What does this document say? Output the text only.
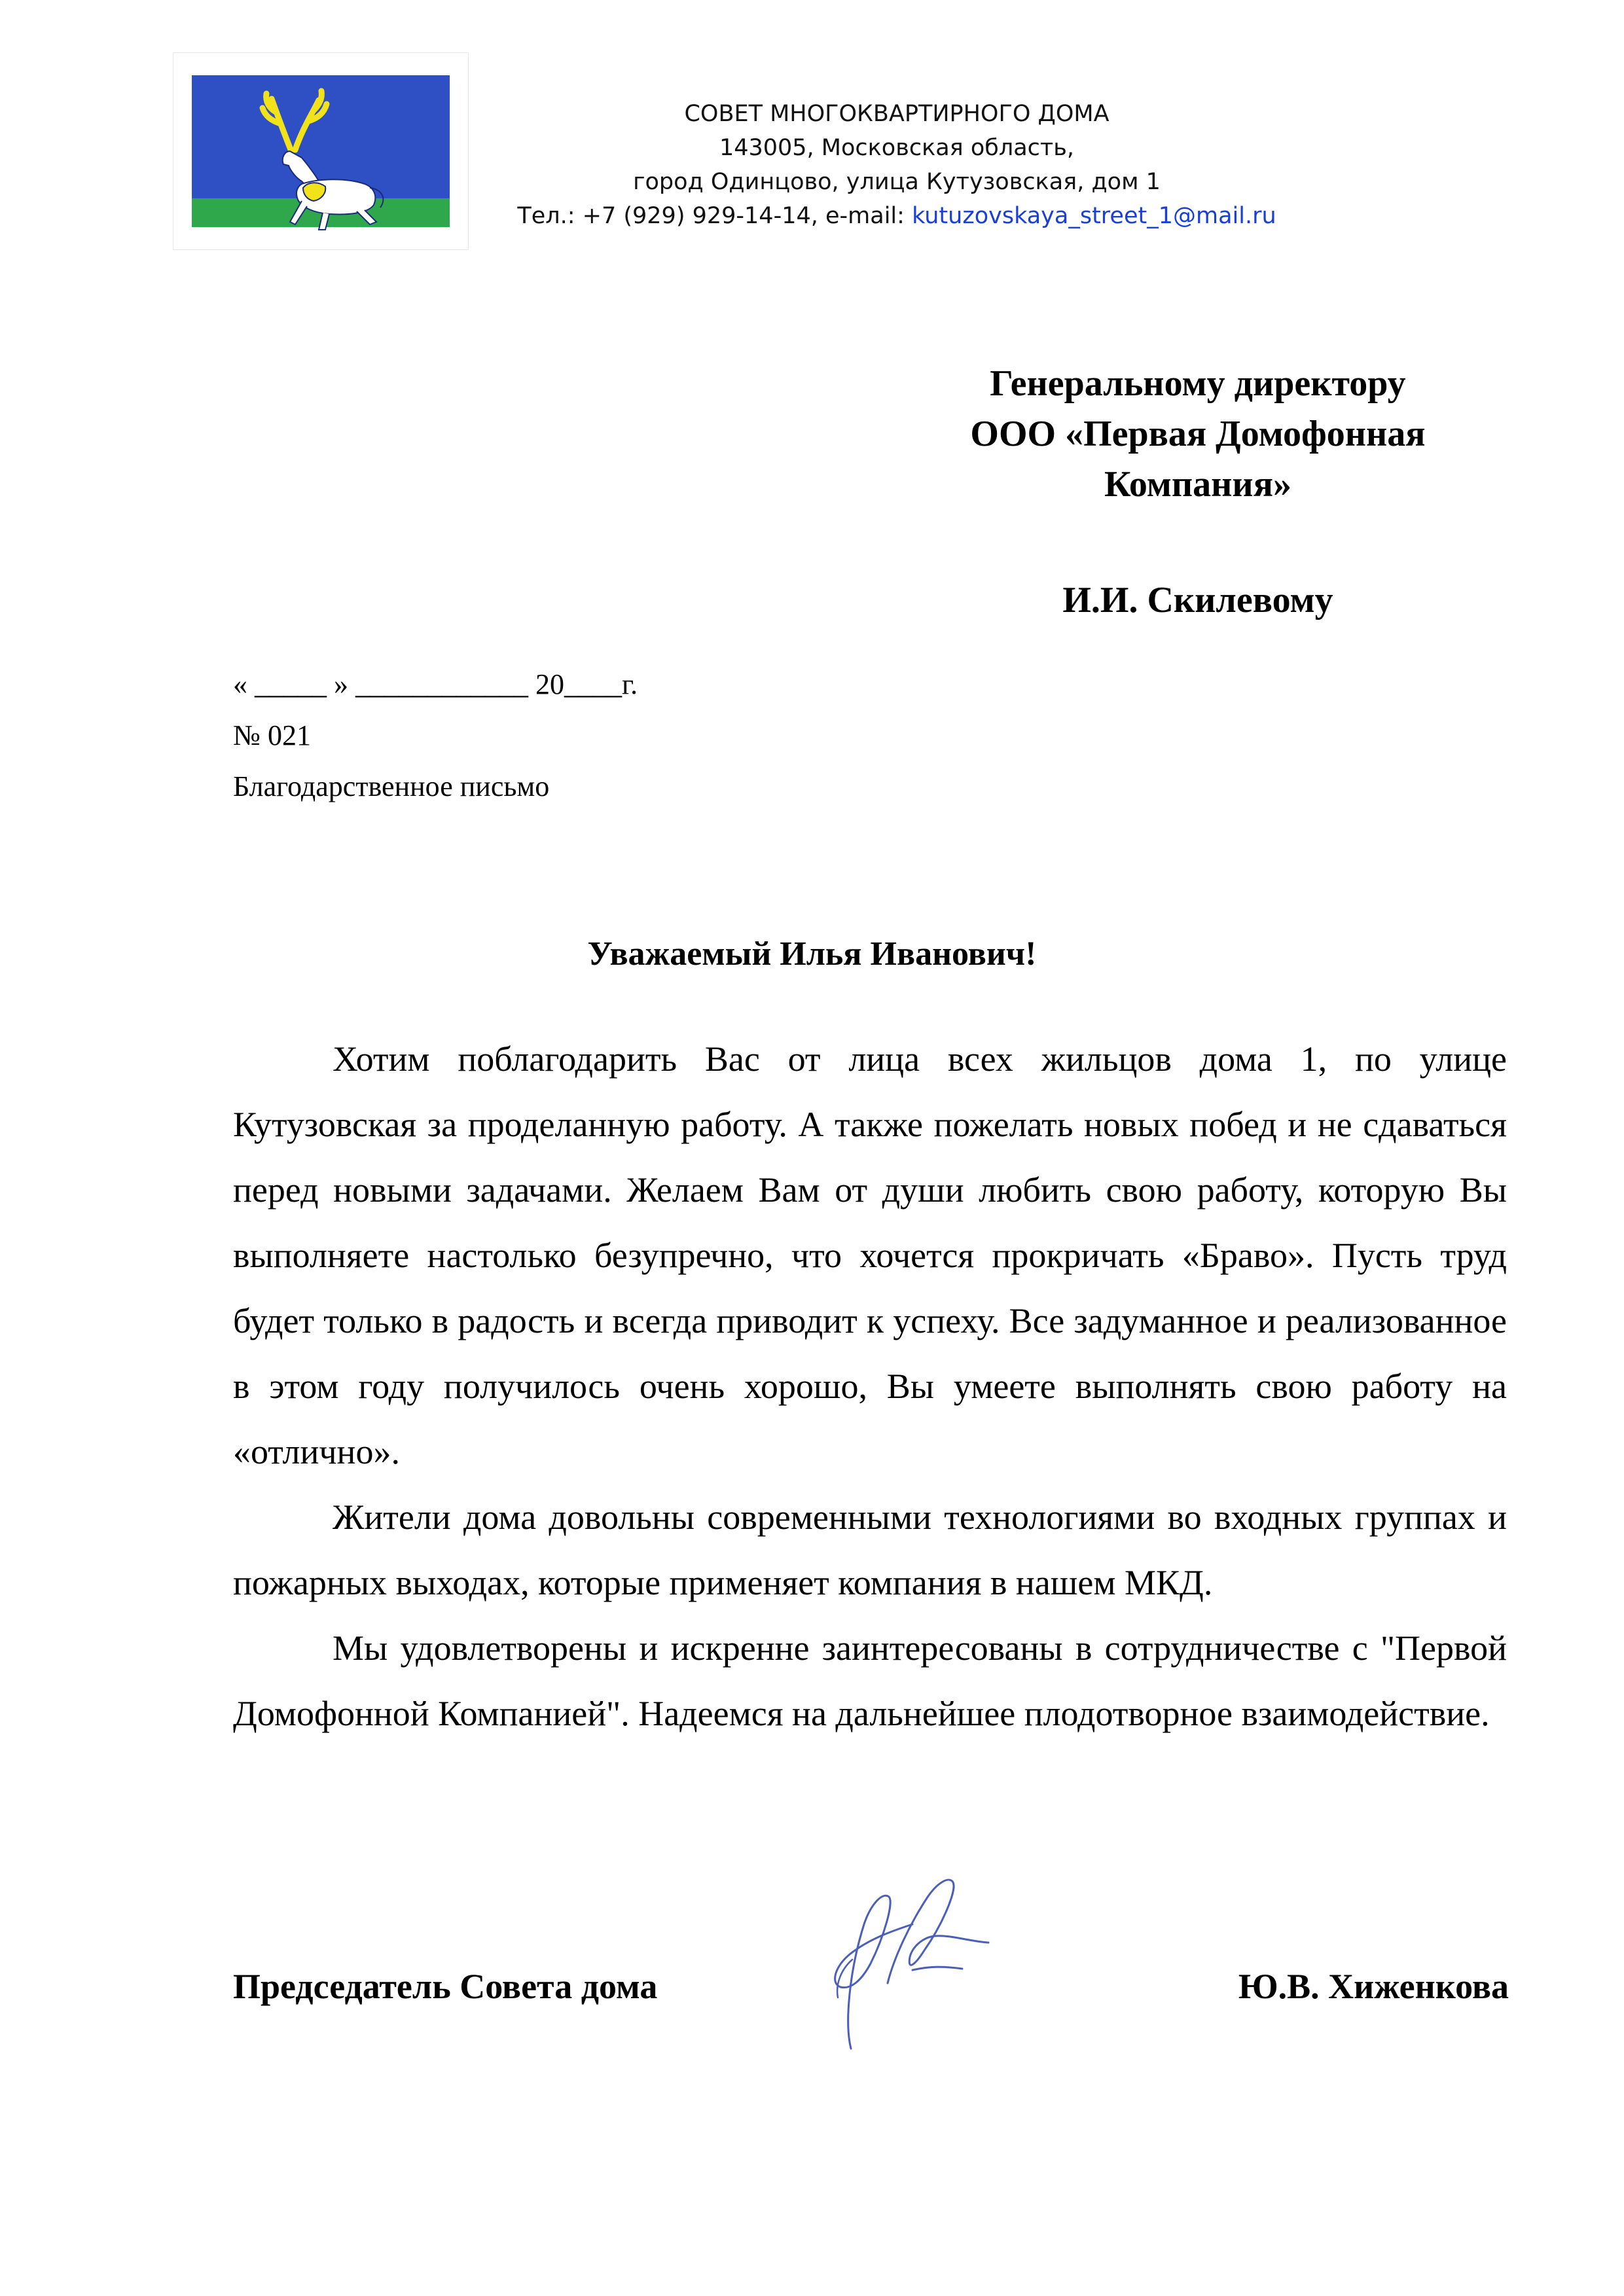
СОВЕТ МНОГОКВАРТИРНОГО ДОМА
143005, Московская область,
город Одинцово, улица Кутузовская, дом 1
Тел.: +7 (929) 929-14-14, e-mail: kutuzovskaya_street_1@mail.ru
Генеральному директору
ООО «Первая Домофонная
Компания»
И.И. Скилевому
« _____ » ____________ 20____г.
№ 021
Благодарственное письмо
Уважаемый Илья Иванович!

Хотим поблагодарить Вас от лица всех жильцов дома 1, по улице Кутузовская за проделанную работу. А также пожелать новых побед и не сдаваться перед новыми задачами. Желаем Вам от души любить свою работу, которую Вы выполняете настолько безупречно, что хочется прокричать «Браво». Пусть труд будет только в радость и всегда приводит к успеху. Все задуманное и реализованное в этом году получилось очень хорошо, Вы умеете выполнять свою работу на «отлично».

Жители дома довольны современными технологиями во входных группах и пожарных выходах, которые применяет компания в нашем МКД.

Мы удовлетворены и искренне заинтересованы в сотрудничестве с "Первой Домофонной Компанией". Надеемся на дальнейшее плодотворное взаимодействие.

Председатель Совета дома	Ю.В. Хиженкова
